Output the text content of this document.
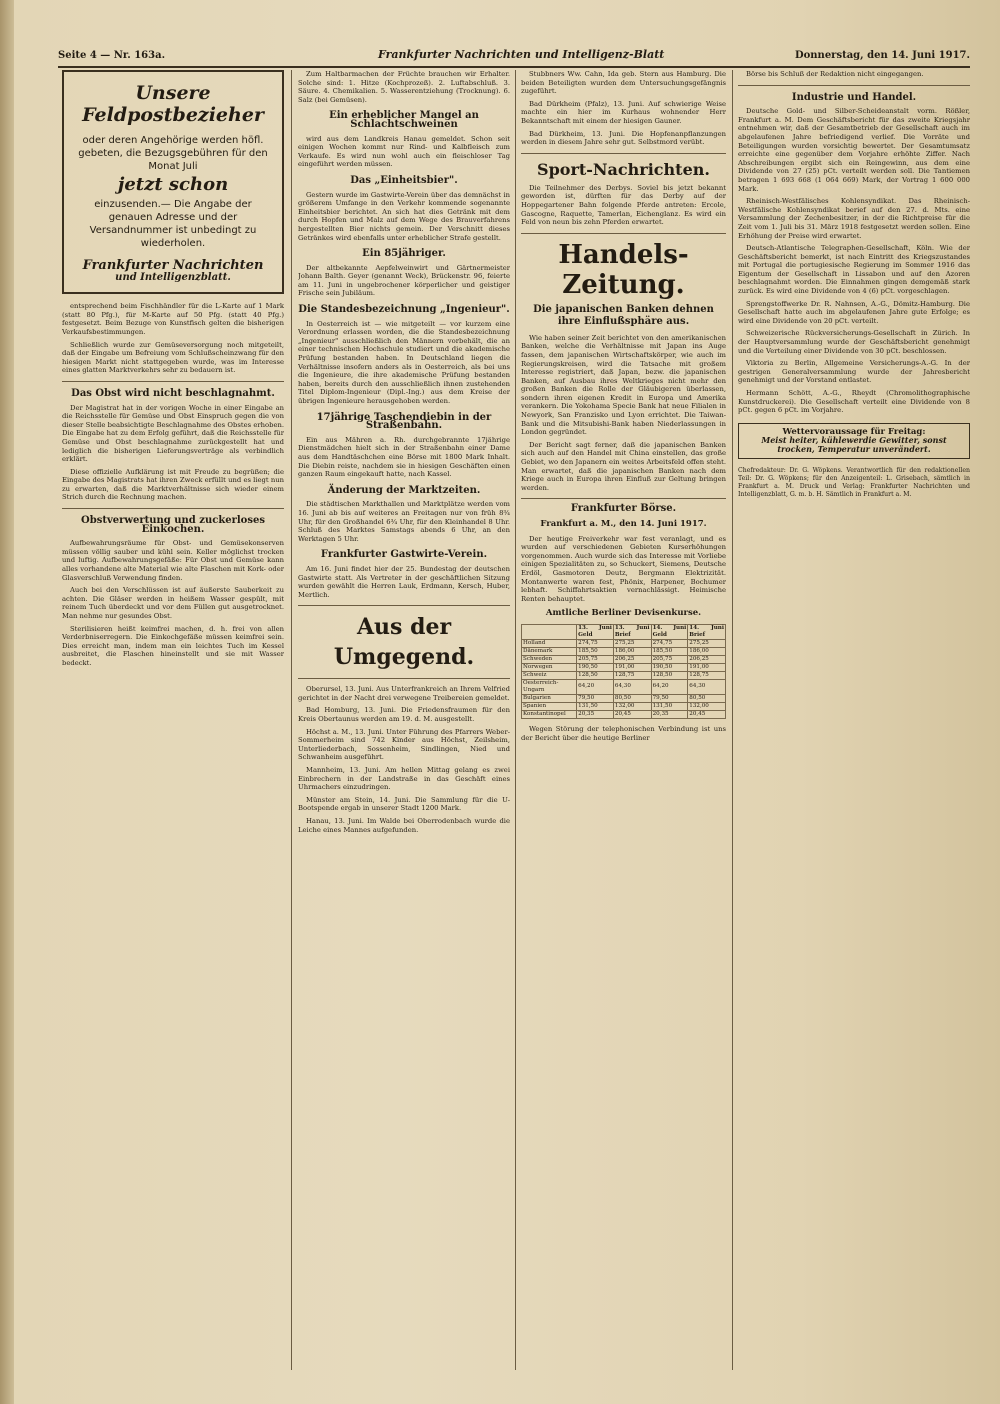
Seite 4 — Nr. 163a.	Frankfurter Nachrichten und Intelligenz-Blatt	Donnerstag, den 14. Juni 1917.
Unsere Feldpostbezieher
oder deren Angehörige werden höfl. gebeten, die Bezugsgebühren für den Monat Juli
jetzt schon
einzusenden.— Die Angabe der genauen Adresse und der Versandnummer ist unbedingt zu wiederholen.
Frankfurter Nachrichten
und Intelligenzblatt.

entsprechend beim Fischhändler für die L-Karte auf 1 Mark (statt 80 Pfg.), für M-Karte auf 50 Pfg. (statt 40 Pfg.) festgesetzt. Beim Bezuge von Kunstfisch gelten die bisherigen Verkaufsbestimmungen.

Schließlich wurde zur Gemüseversorgung noch mitgeteilt, daß der Eingabe um Befreiung vom Schlußscheinzwang für den hiesigen Markt nicht stattgegeben wurde, was im Interesse eines glatten Marktverkehrs sehr zu bedauern ist.

Das Obst wird nicht beschlagnahmt.

Der Magistrat hat in der vorigen Woche in einer Eingabe an die Reichsstelle für Gemüse und Obst Einspruch gegen die von dieser Stelle beabsichtigte Beschlagnahme des Obstes erhoben. Die Eingabe hat zu dem Erfolg geführt, daß die Reichsstelle für Gemüse und Obst beschlagnahme zurückgestellt hat und lediglich die bisherigen Lieferungsverträge als verbindlich erklärt.

Diese offizielle Aufklärung ist mit Freude zu begrüßen; die Eingabe des Magistrats hat ihren Zweck erfüllt und es liegt nun zu erwarten, daß die Marktverhältnisse sich wieder einem Strich durch die Rechnung machen.

Obstverwertung und zuckerloses Einkochen.

Aufbewahrungsräume für Obst- und Gemüsekonserven müssen völlig sauber und kühl sein. Keller möglichst trocken und luftig. Aufbewahrungsgefäße: Für Obst und Gemüse kann alles vorhandene alte Material wie alte Flaschen mit Kork- oder Glasverschluß Verwendung finden.

Auch bei den Verschlüssen ist auf äußerste Sauberkeit zu achten. Die Gläser werden in heißem Wasser gespült, mit reinem Tuch überdeckt und vor dem Füllen gut ausgetrocknet. Man nehme nur gesundes Obst.

Sterilisieren heißt keimfrei machen, d. h. frei von allen Verderbniserregern. Die Einkochgefäße müssen keimfrei sein. Dies erreicht man, indem man ein leichtes Tuch im Kessel ausbreitet, die Flaschen hineinstellt und sie mit Wasser bedeckt.

Zum Haltbarmachen der Früchte brauchen wir Erhalter. Solche sind: 1. Hitze (Kochprozeß). 2. Luftabschluß. 3. Säure. 4. Chemikalien. 5. Wasserentziehung (Trocknung). 6. Salz (bei Gemüsen).

Ein erheblicher Mangel an Schlachtschweinen

wird aus dem Landkreis Hanau gemeldet. Schon seit einigen Wochen kommt nur Rind- und Kalbfleisch zum Verkaufe. Es wird nun wohl auch ein fleischloser Tag eingeführt werden müssen.

Das „Einheitsbier".

Gestern wurde im Gastwirte-Verein über das demnächst in größerem Umfange in den Verkehr kommende sogenannte Einheitsbier berichtet. An sich hat dies Getränk mit dem durch Hopfen und Malz auf dem Wege des Brauverfahrens hergestellten Bier nichts gemein. Der Verschnitt dieses Getränkes wird ebenfalls unter erheblicher Strafe gestellt.

Ein 85jähriger.

Der altbekannte Aepfelweinwirt und Gärtnermeister Johann Balth. Geyer (genannt Weck), Brückenstr. 96, feierte am 11. Juni in ungebrochener körperlicher und geistiger Frische sein Jubiläum.

Die Standesbezeichnung „Ingenieur".

In Oesterreich ist — wie mitgeteilt — vor kurzem eine Verordnung erlassen worden, die die Standesbezeichnung „Ingenieur" ausschließlich den Männern vorbehält, die an einer technischen Hochschule studiert und die akademische Prüfung bestanden haben. In Deutschland liegen die Verhältnisse insofern anders als in Oesterreich, als bei uns die Ingenieure, die ihre akademische Prüfung bestanden haben, bereits durch den ausschließlich ihnen zustehenden Titel Diplom-Ingenieur (Dipl.-Ing.) aus dem Kreise der übrigen Ingenieure herausgehoben werden.

17jährige Taschendiebin in der Straßenbahn.

Ein aus Mähren a. Rh. durchgebrannte 17jährige Dienstmädchen hielt sich in der Straßenbahn einer Dame aus dem Handtäschchen eine Börse mit 1800 Mark Inhalt. Die Diebin reiste, nachdem sie in hiesigen Geschäften einen ganzen Raum eingekauft hatte, nach Kassel.

Änderung der Marktzeiten.

Die städtischen Markthallen und Marktplätze werden vom 16. Juni ab bis auf weiteres an Freitagen nur von früh 8¾ Uhr, für den Großhandel 6¾ Uhr, für den Kleinhandel 8 Uhr. Schluß des Marktes Samstags abends 6 Uhr, an den Werktagen 5 Uhr.

Frankfurter Gastwirte-Verein.

Am 16. Juni findet hier der 25. Bundestag der deutschen Gastwirte statt. Als Vertreter in der geschäftlichen Sitzung wurden gewählt die Herren Lauk, Erdmann, Kersch, Huber, Mertlich.

Aus der Umgegend.

Oberursel, 13. Juni. Aus Unterfrankreich an Ihrem Velfried gerichtet in der Nacht drei verwegene Treibereien gemeldet.

Bad Homburg, 13. Juni. Die Friedensfraumen für den Kreis Obertaunus werden am 19. d. M. ausgestellt.

Höchst a. M., 13. Juni. Unter Führung des Pfarrers Weber-Sommerheim sind 742 Kinder aus Höchst, Zeilsheim, Unterliederbach, Sossenheim, Sindlingen, Nied und Schwanheim ausgeführt.

Mannheim, 13. Juni. Am hellen Mittag gelang es zwei Einbrechern in der Landstraße in das Geschäft eines Uhrmachers einzudringen.

Münster am Stein, 14. Juni. Die Sammlung für die U-Bootspende ergab in unserer Stadt 1200 Mark.

Hanau, 13. Juni. Im Walde bei Oberrodenbach wurde die Leiche eines Mannes aufgefunden.

Stubbners Ww. Cahn, Ida geb. Stern aus Hamburg. Die beiden Beteiligten wurden dem Untersuchungsgefängnis zugeführt.

Bad Dürkheim (Pfalz), 13. Juni. Auf schwierige Weise machte ein hier im Kurhaus wohnender Herr Bekanntschaft mit einem der hiesigen Gauner.

Bad Dürkheim, 13. Juni. Die Hopfenanpflanzungen werden in diesem Jahre sehr gut. Selbstmord verübt.

Sport-Nachrichten.

Die Teilnehmer des Derbys. Soviel bis jetzt bekannt geworden ist, dürften für das Derby auf der Hoppegartener Bahn folgende Pferde antreten: Ercole, Gascogne, Raquette, Tamerlan, Eichenglanz. Es wird ein Feld von neun bis zehn Pferden erwartet.

Handels-Zeitung.
Die japanischen Banken dehnen ihre Einflußsphäre aus.

Wie haben seiner Zeit berichtet von den amerikanischen Banken, welche die Verhältnisse mit Japan ins Auge fassen, dem japanischen Wirtschaftskörper, wie auch im Regierungskreisen, wird die Tatsache mit großem Interesse registriert, daß Japan, bezw. die japanischen Banken, auf Ausbau ihres Weltkrieges nicht mehr den großen Banken die Rolle der Gläubigeren überlassen, sondern ihren eigenen Kredit in Europa und Amerika verankern. Die Yokohama Specie Bank hat neue Filialen in Newyork, San Franzisko und Lyon errichtet. Die Taiwan-Bank und die Mitsubishi-Bank haben Niederlassungen in London gegründet.

Der Bericht sagt ferner, daß die japanischen Banken sich auch auf den Handel mit China einstellen, das große Gebiet, wo den Japanern ein weites Arbeitsfeld offen steht. Man erwartet, daß die japanischen Banken nach dem Kriege auch in Europa ihren Einfluß zur Geltung bringen werden.

Frankfurter Börse.
Frankfurt a. M., den 14. Juni 1917.

Der heutige Freiverkehr war fest veranlagt, und es wurden auf verschiedenen Gebieten Kurserhöhungen vorgenommen. Auch wurde sich das Interesse mit Vorliebe einigen Spezialitäten zu, so Schuckert, Siemens, Deutsche Erdöl, Gasmotoren Deutz, Bergmann Elektrizität. Montanwerte waren fest, Phönix, Harpener, Bochumer lebhaft. Schiffahrtsaktien vernachlässigt. Heimische Renten behauptet.

Amtliche Berliner Devisenkurse.
	13. Juni Geld	13. Juni Brief	14. Juni Geld	14. Juni Brief
Holland	274,75	275,25	274,75	275,25
Dänemark	185,50	186,00	185,50	186,00
Schweden	205,75	206,25	205,75	206,25
Norwegen	190,50	191,00	190,50	191,00
Schweiz	128,50	128,75	128,50	128,75
Oesterreich-Ungarn	64,20	64,30	64,20	64,30
Bulgarien	79,50	80,50	79,50	80,50
Spanien	131,50	132,00	131,50	132,00
Konstantinopel	20,35	20,45	20,35	20,45

Wegen Störung der telephonischen Verbindung ist uns der Bericht über die heutige Berliner

Börse bis Schluß der Redaktion nicht eingegangen.

Industrie und Handel.

Deutsche Gold- und Silber-Scheideanstalt vorm. Rößler, Frankfurt a. M. Dem Geschäftsbericht für das zweite Kriegsjahr entnehmen wir, daß der Gesamtbetrieb der Gesellschaft auch im abgelaufenen Jahre befriedigend verlief. Die Vorräte und Beteiligungen wurden vorsichtig bewertet. Der Gesamtumsatz erreichte eine gegenüber dem Vorjahre erhöhte Ziffer. Nach Abschreibungen ergibt sich ein Reingewinn, aus dem eine Dividende von 27 (25) pCt. verteilt werden soll. Die Tantiemen betragen 1 693 668 (1 064 669) Mark, der Vortrag 1 600 000 Mark.

Rheinisch-Westfälisches Kohlensyndikat. Das Rheinisch-Westfälische Kohlensyndikat berief auf den 27. d. Mts. eine Versammlung der Zechenbesitzer, in der die Richtpreise für die Zeit vom 1. Juli bis 31. März 1918 festgesetzt werden sollen. Eine Erhöhung der Preise wird erwartet.

Deutsch-Atlantische Telegraphen-Gesellschaft, Köln. Wie der Geschäftsbericht bemerkt, ist nach Eintritt des Kriegszustandes mit Portugal die portugiesische Regierung im Sommer 1916 das Eigentum der Gesellschaft in Lissabon und auf den Azoren beschlagnahmt worden. Die Einnahmen gingen demgemäß stark zurück. Es wird eine Dividende von 4 (6) pCt. vorgeschlagen.

Sprengstoffwerke Dr. R. Nahnsen, A.-G., Dömitz-Hamburg. Die Gesellschaft hatte auch im abgelaufenen Jahre gute Erfolge; es wird eine Dividende von 20 pCt. verteilt.

Schweizerische Rückversicherungs-Gesellschaft in Zürich. In der Hauptversammlung wurde der Geschäftsbericht genehmigt und die Verteilung einer Dividende von 30 pCt. beschlossen.

Viktoria zu Berlin, Allgemeine Versicherungs-A.-G. In der gestrigen Generalversammlung wurde der Jahresbericht genehmigt und der Vorstand entlastet.

Hermann Schött, A.-G., Rheydt (Chromolithographische Kunstdruckerei). Die Gesellschaft verteilt eine Dividende von 8 pCt. gegen 6 pCt. im Vorjahre.

Wettervoraussage für Freitag:
Meist heiter, kühlewerdie Gewitter, sonst trocken, Temperatur unverändert.
Chefredakteur: Dr. G. Wöpkens. Verantwortlich für den redaktionellen Teil: Dr. G. Wöpkens; für den Anzeigenteil: L. Grisebach, sämtlich in Frankfurt a. M. Druck und Verlag: Frankfurter Nachrichten und Intelligenzblatt, G. m. b. H. Sämtlich in Frankfurt a. M.
